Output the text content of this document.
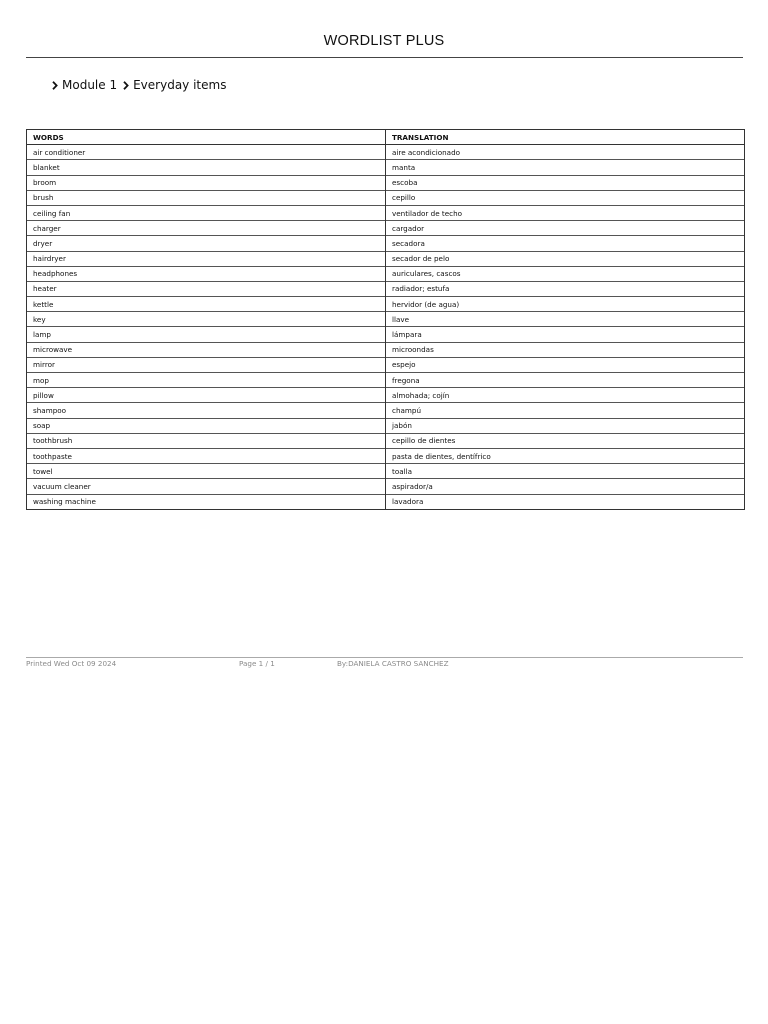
WORDLIST PLUS
Module 1 Everyday items
WORDS	TRANSLATION
air conditioner	aire acondicionado
blanket	manta
broom	escoba
brush	cepillo
ceiling fan	ventilador de techo
charger	cargador
dryer	secadora
hairdryer	secador de pelo
headphones	auriculares, cascos
heater	radiador; estufa
kettle	hervidor (de agua)
key	llave
lamp	lámpara
microwave	microondas
mirror	espejo
mop	fregona
pillow	almohada; cojín
shampoo	champú
soap	jabón
toothbrush	cepillo de dientes
toothpaste	pasta de dientes, dentífrico
towel	toalla
vacuum cleaner	aspirador/a
washing machine	lavadora
Printed Wed Oct 09 2024	Page 1 / 1	By:DANIELA CASTRO SANCHEZ
